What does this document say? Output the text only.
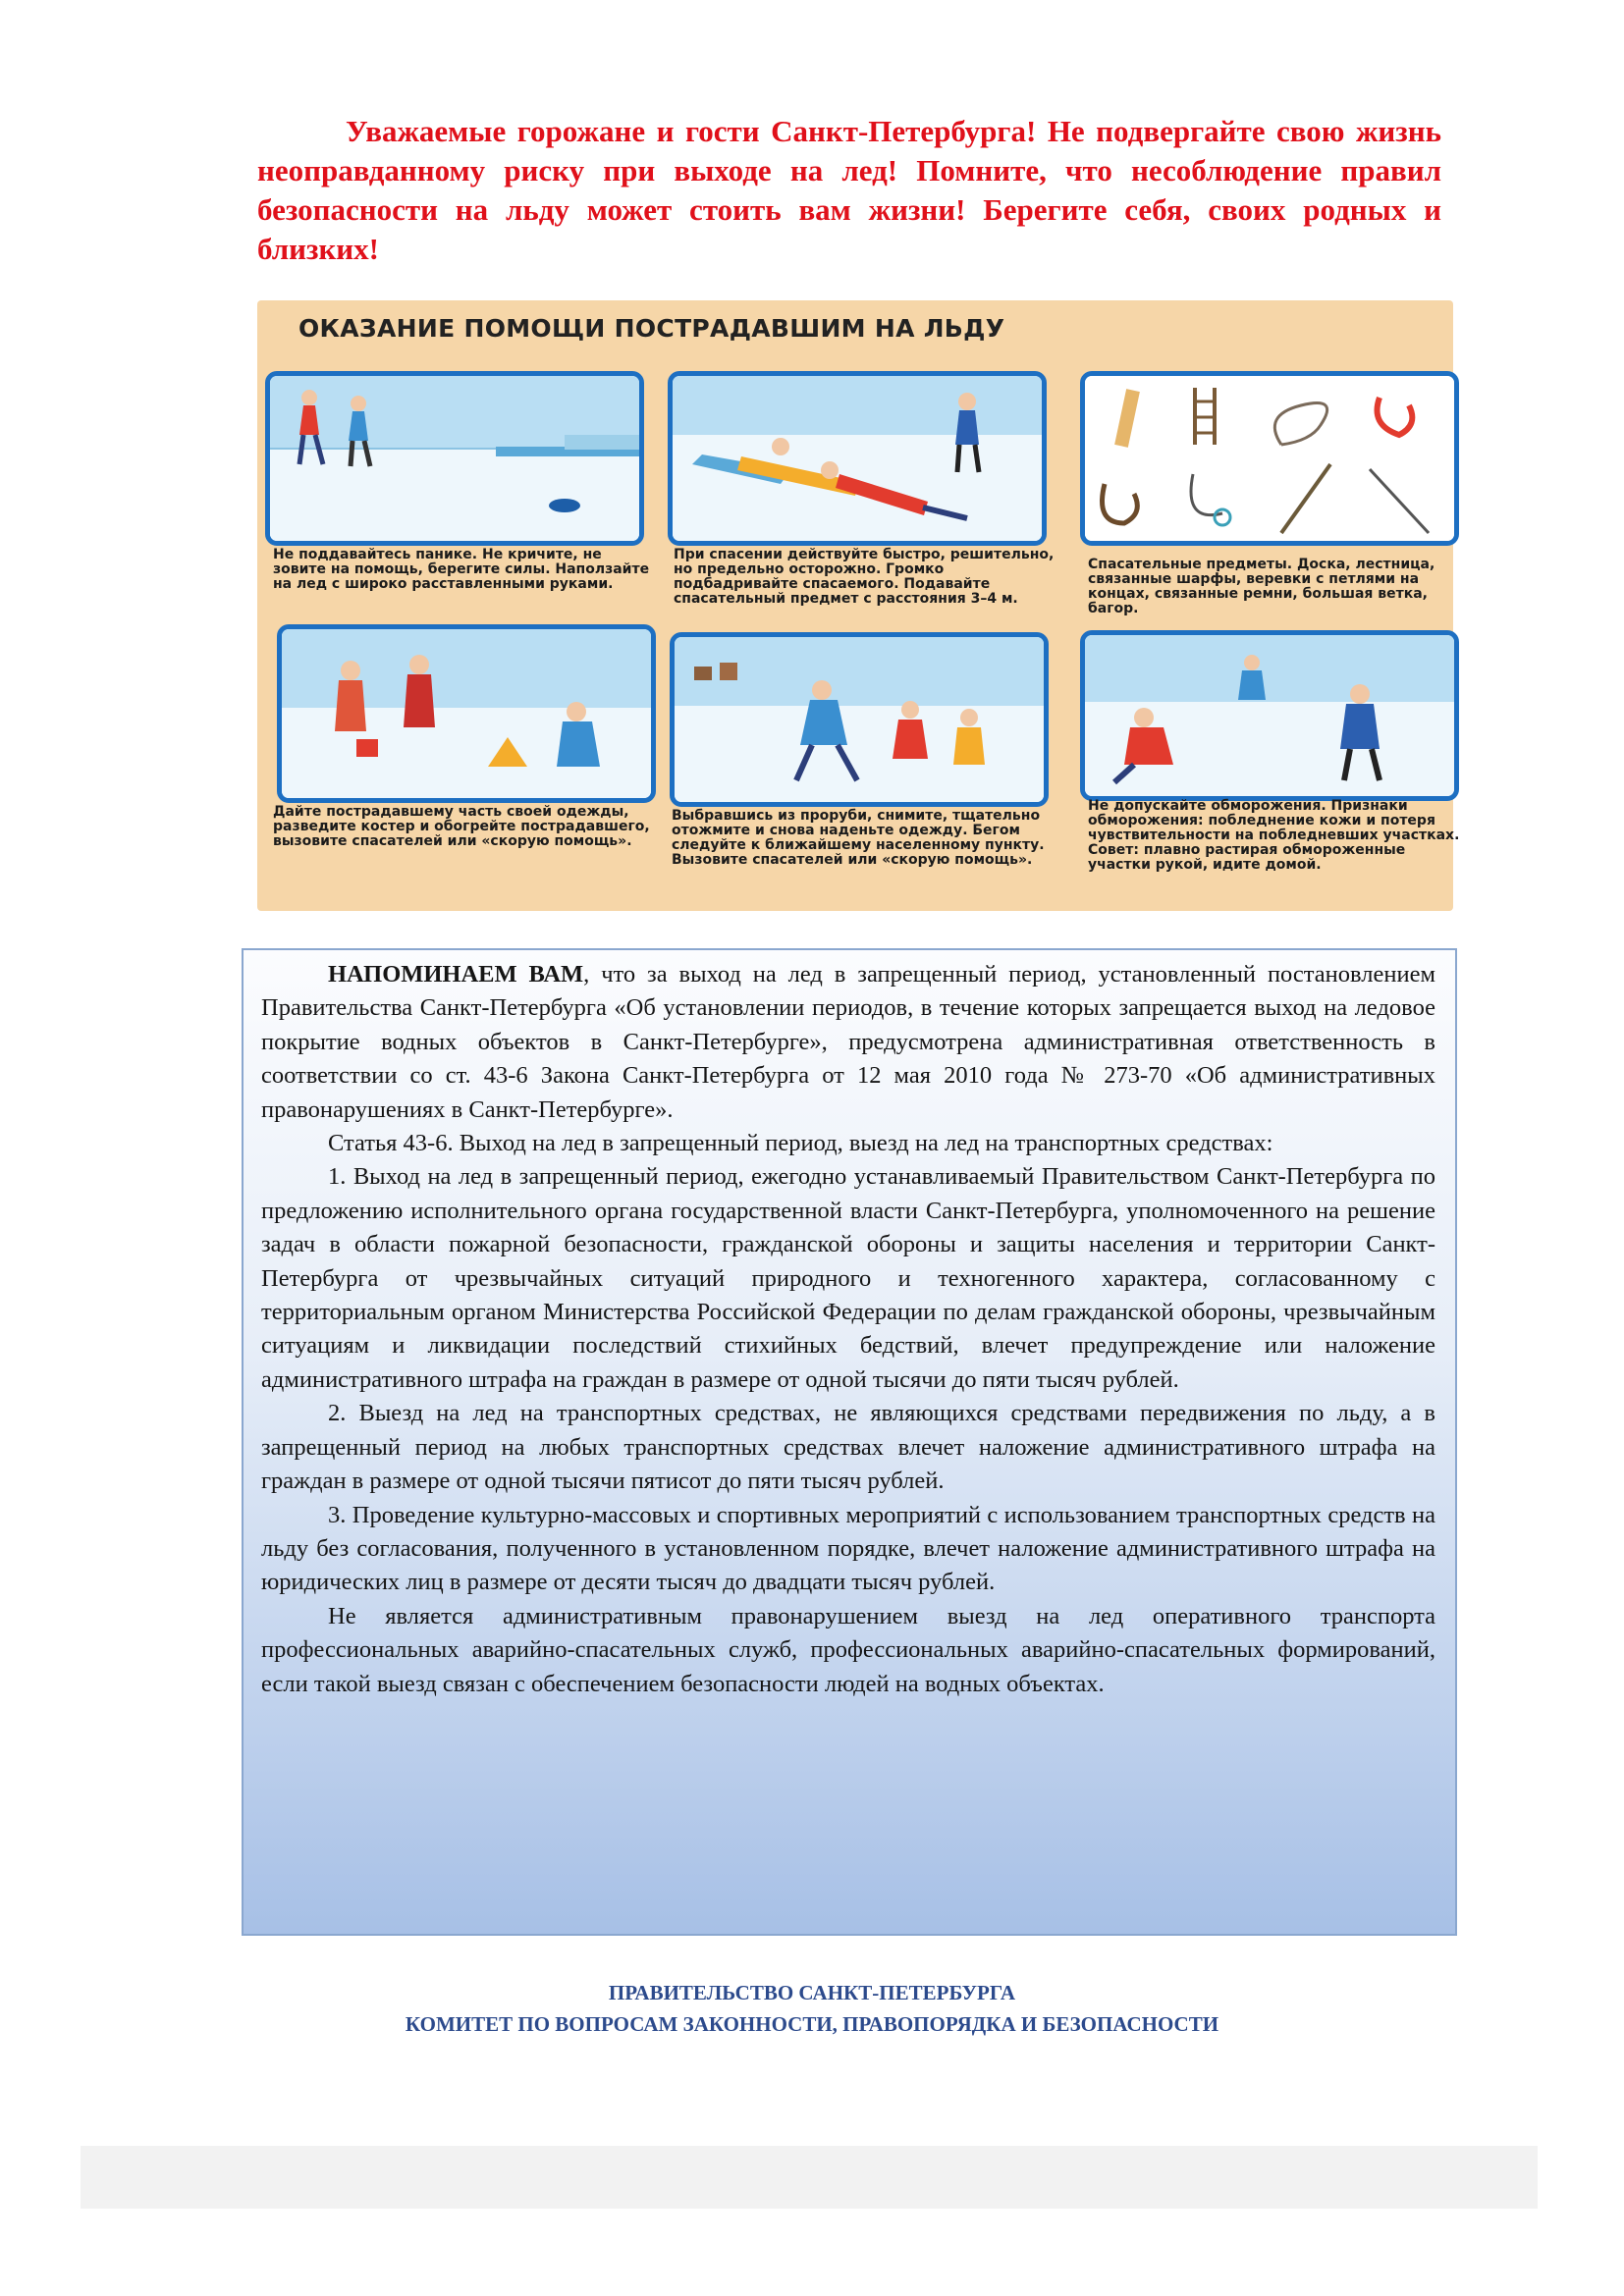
Уважаемые горожане и гости Санкт-Петербурга! Не подвергайте свою жизнь неоправданному риску при выходе на лед! Помните, что несоблюдение правил безопасности на льду может стоить вам жизни! Берегите себя, своих родных и близких!
ОКАЗАНИЕ ПОМОЩИ ПОСТРАДАВШИМ НА ЛЬДУ
Не поддавайтесь панике. Не кричите, не зовите на помощь, берегите силы. Наползайте на лед с широко расставленными руками.
При спасении действуйте быстро, решительно, но предельно осторожно. Громко подбадривайте спасаемого. Подавайте спасательный предмет с расстояния 3–4 м.
Спасательные предметы. Доска, лестница, связанные шарфы, веревки с петлями на концах, связанные ремни, большая ветка, багор.
Дайте пострадавшему часть своей одежды, разведите костер и обогрейте пострадавшего, вызовите спасателей или «скорую помощь».
Выбравшись из проруби, снимите, тщательно отожмите и снова наденьте одежду. Бегом следуйте к ближайшему населенному пункту. Вызовите спасателей или «скорую помощь».
Не допускайте обморожения. Признаки обморожения: побледнение кожи и потеря чувствительности на побледневших участках. Совет: плавно растирая обмороженные участки рукой, идите домой.

НАПОМИНАЕМ ВАМ, что за выход на лед в запрещенный период, установленный постановлением Правительства Санкт-Петербурга «Об установлении периодов, в течение которых запрещается выход на ледовое покрытие водных объектов в Санкт-Петербурге», предусмотрена административная ответственность в соответствии со ст. 43-6 Закона Санкт-Петербурга от 12 мая 2010 года № 273-70 «Об административных правонарушениях в Санкт-Петербурге».

Статья 43-6. Выход на лед в запрещенный период, выезд на лед на транспортных средствах:

1. Выход на лед в запрещенный период, ежегодно устанавливаемый Правительством Санкт-Петербурга по предложению исполнительного органа государственной власти Санкт-Петербурга, уполномоченного на решение задач в области пожарной безопасности, гражданской обороны и защиты населения и территории Санкт-Петербурга от чрезвычайных ситуаций природного и техногенного характера, согласованному с территориальным органом Министерства Российской Федерации по делам гражданской обороны, чрезвычайным ситуациям и ликвидации последствий стихийных бедствий, влечет предупреждение или наложение административного штрафа на граждан в размере от одной тысячи до пяти тысяч рублей.

2. Выезд на лед на транспортных средствах, не являющихся средствами передвижения по льду, а в запрещенный период на любых транспортных средствах влечет наложение административного штрафа на граждан в размере от одной тысячи пятисот до пяти тысяч рублей.

3. Проведение культурно-массовых и спортивных мероприятий с использованием транспортных средств на льду без согласования, полученного в установленном порядке, влечет наложение административного штрафа на юридических лиц в размере от десяти тысяч до двадцати тысяч рублей.

Не является административным правонарушением выезд на лед оперативного транспорта профессиональных аварийно-спасательных служб, профессиональных аварийно-спасательных формирований, если такой выезд связан с обеспечением безопасности людей на водных объектах.

ПРАВИТЕЛЬСТВО САНКТ-ПЕТЕРБУРГА
КОМИТЕТ ПО ВОПРОСАМ ЗАКОННОСТИ, ПРАВОПОРЯДКА И БЕЗОПАСНОСТИ
